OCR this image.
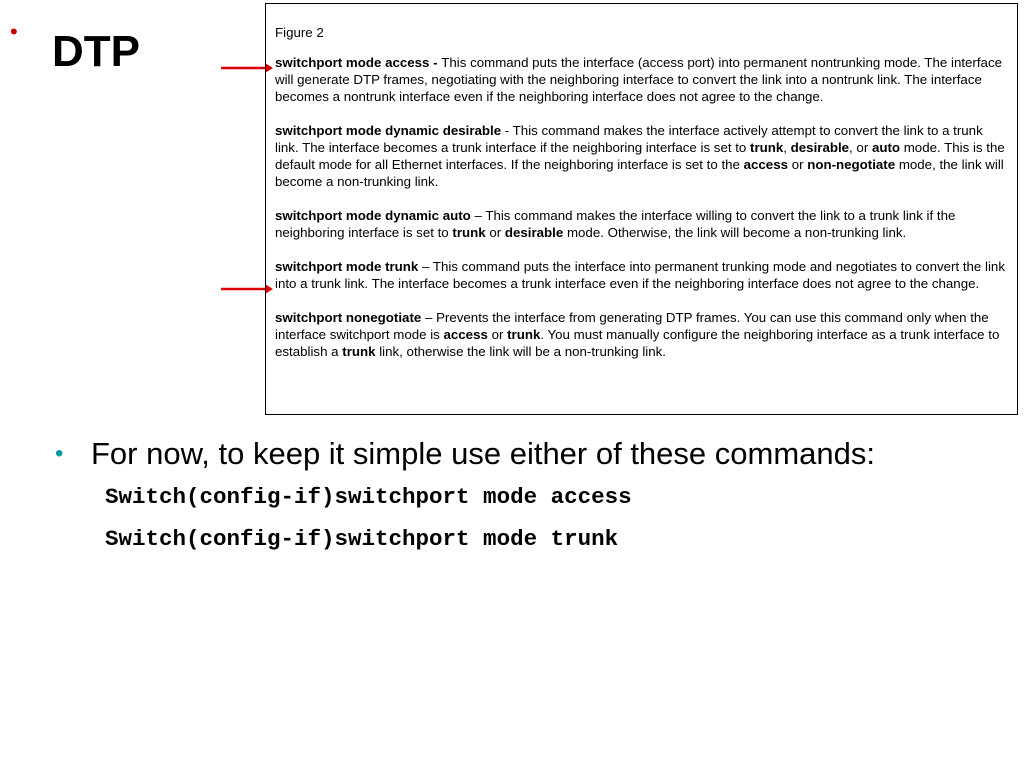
• DTP	Figure 2
switchport mode access - This command puts the interface (access port) into permanent nontrunking mode. The interface will generate DTP frames, negotiating with the neighboring interface to convert the link into a nontrunk link. The interface becomes a nontrunk interface even if the neighboring interface does not agree to the change.
switchport mode dynamic desirable - This command makes the interface actively attempt to convert the link to a trunk link. The interface becomes a trunk interface if the neighboring interface is set to trunk, desirable, or auto mode. This is the default mode for all Ethernet interfaces. If the neighboring interface is set to the access or non-negotiate mode, the link will become a non-trunking link.
switchport mode dynamic auto – This command makes the interface willing to convert the link to a trunk link if the neighboring interface is set to trunk or desirable mode. Otherwise, the link will become a non-trunking link.
switchport mode trunk – This command puts the interface into permanent trunking mode and negotiates to convert the link into a trunk link. The interface becomes a trunk interface even if the neighboring interface does not agree to the change.
switchport nonegotiate – Prevents the interface from generating DTP frames. You can use this command only when the interface switchport mode is access or trunk. You must manually configure the neighboring interface as a trunk interface to establish a trunk link, otherwise the link will be a non-trunking link.
• For now, to keep it simple use either of these commands:
Switch(config-if)switchport mode access
Switch(config-if)switchport mode trunk
